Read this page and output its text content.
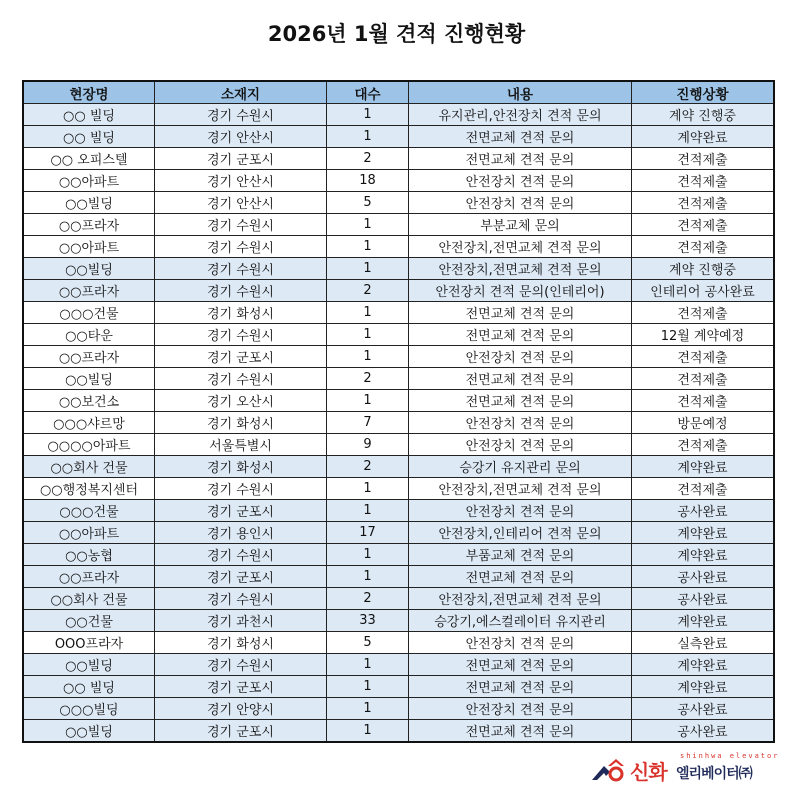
2026년 1월 견적 진행현황
현장명	소재지	대수	내용	진행상황
○○ 빌딩	경기 수원시	1	유지관리,안전장치 견적 문의	계약 진행중
○○ 빌딩	경기 안산시	1	전면교체 견적 문의	계약완료
○○ 오피스텔	경기 군포시	2	전면교체 견적 문의	견적제출
○○아파트	경기 안산시	18	안전장치 견적 문의	견적제출
○○빌딩	경기 안산시	5	안전장치 견적 문의	견적제출
○○프라자	경기 수원시	1	부분교체 문의	견적제출
○○아파트	경기 수원시	1	안전장치,전면교체 견적 문의	견적제출
○○빌딩	경기 수원시	1	안전장치,전면교체 견적 문의	계약 진행중
○○프라자	경기 수원시	2	안전장치 견적 문의(인테리어)	인테리어 공사완료
○○○건물	경기 화성시	1	전면교체 견적 문의	견적제출
○○타운	경기 수원시	1	전면교체 견적 문의	12월 계약예정
○○프라자	경기 군포시	1	안전장치 견적 문의	견적제출
○○빌딩	경기 수원시	2	전면교체 견적 문의	견적제출
○○보건소	경기 오산시	1	전면교체 견적 문의	견적제출
○○○샤르망	경기 화성시	7	안전장치 견적 문의	방문예정
○○○○아파트	서울특별시	9	안전장치 견적 문의	견적제출
○○회사 건물	경기 화성시	2	승강기 유지관리 문의	계약완료
○○행정복지센터	경기 수원시	1	안전장치,전면교체 견적 문의	견적제출
○○○건물	경기 군포시	1	안전장치 견적 문의	공사완료
○○아파트	경기 용인시	17	안전장치,인테리어 견적 문의	계약완료
○○농협	경기 수원시	1	부품교체 견적 문의	계약완료
○○프라자	경기 군포시	1	전면교체 견적 문의	공사완료
○○회사 건물	경기 수원시	2	안전장치,전면교체 견적 문의	공사완료
○○건물	경기 과천시	33	승강기,에스컬레이터 유지관리	계약완료
OOO프라자	경기 화성시	5	안전장치 견적 문의	실측완료
○○빌딩	경기 수원시	1	전면교체 견적 문의	계약완료
○○ 빌딩	경기 군포시	1	전면교체 견적 문의	계약완료
○○○빌딩	경기 안양시	1	안전장치 견적 문의	공사완료
○○빌딩	경기 군포시	1	전면교체 견적 문의	공사완료
신화
shinhwa elevator
엘리베이터㈜
